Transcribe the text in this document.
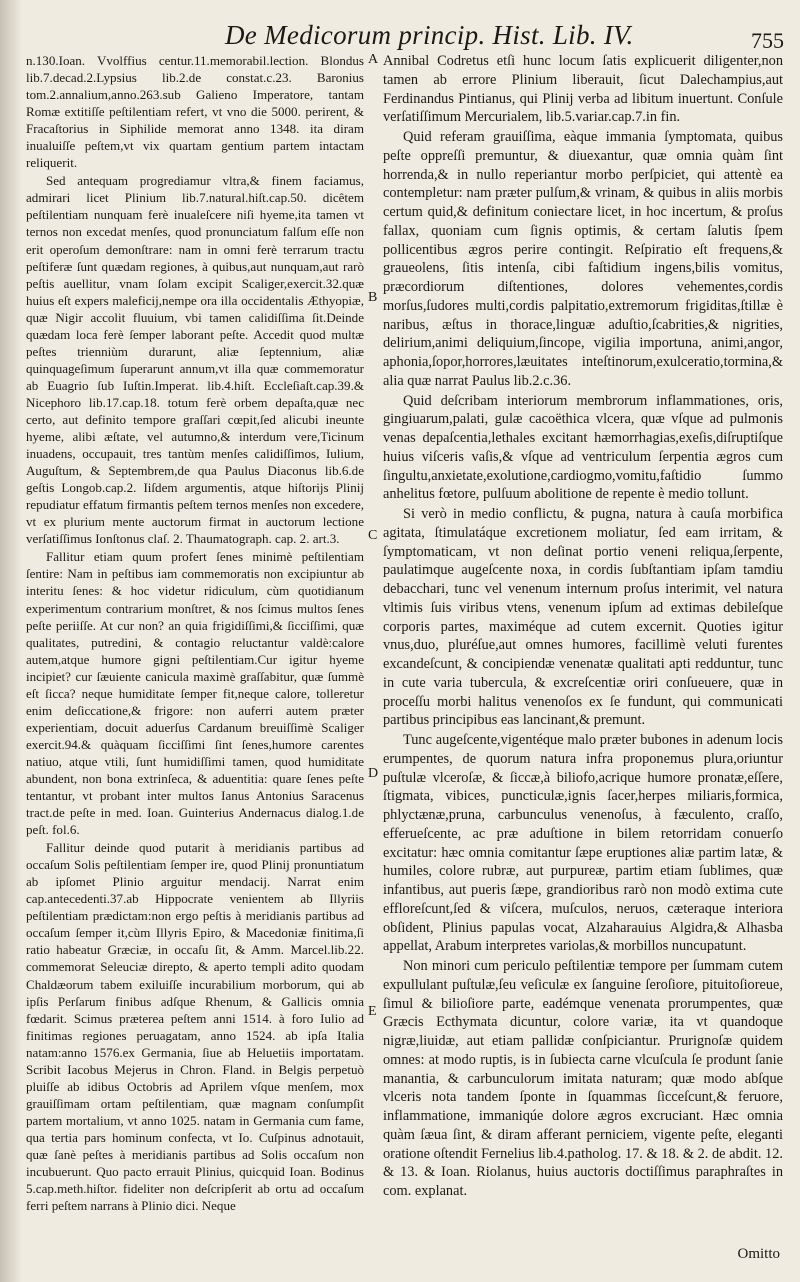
De Medicorum princip. Hist. Lib. IV.	755

n.130.Ioan. Vvolffius centur.11.memorabil.lection. Blondus lib.7.decad.2.Lypsius lib.2.de constat.c.23. Baronius tom.2.annalium,anno.263.sub Galieno Imperatore, tantam Romæ extitiſſe peſtilentiam refert, vt vno die 5000. perirent, & Fracaſtorius in Siphilide memorat anno 1348. ita diram inualuiſſe peſtem,vt vix quartam gentium partem intactam reliquerit.

Sed antequam progrediamur vltra,& finem faciamus, admirari licet Plinium lib.7.natural.hiſt.cap.50. dicêtem peſtilentiam nunquam ferè inualeſcere niſi hyeme,ita tamen vt ternos non excedat menſes, quod pronunciatum falſum eſſe non erit operoſum demonſtrare: nam in omni ferè terrarum tractu peſtiferæ ſunt quædam regiones, à quibus,aut nunquam,aut rarò peſtis auellitur, vnam ſolam excipit Scaliger,exercit.32.quæ huius eſt expers maleficij,nempe ora illa occidentalis Æthyopiæ, quæ Nigir accolit fluuium, vbi tamen calidiſſima ſit.Deinde quædam loca ferè ſemper laborant peſte. Accedit quod multæ peſtes trienniùm durarunt, aliæ ſeptennium, aliæ quinquageſimum ſuperarunt annum,vt illa quæ commemoratur ab Euagrio ſub Iuſtin.Imperat. lib.4.hiſt. Eccleſiaſt.cap.39.& Nicephoro lib.17.cap.18. totum ferè orbem depaſta,quæ nec certo, aut definito tempore graſſari cœpit,ſed alicubi ineunte hyeme, alibi æſtate, vel autumno,& interdum vere,Ticinum inuadens, occupauit, tres tantùm menſes calidiſſimos, Iulium, Auguſtum, & Septembrem,de qua Paulus Diaconus lib.6.de geſtis Longob.cap.2. Iiſdem argumentis, atque hiſtorijs Plinij repudiatur effatum firmantis peſtem ternos menſes non excedere, vt ex plurium mente auctorum firmat in auctorum lectione verſatiſſimus Ionſtonus claſ. 2. Thaumatograph. cap. 2. art.3.

Fallitur etiam quum profert ſenes minimè peſtilentiam ſentire: Nam in peſtibus iam commemoratis non excipiuntur ab interitu ſenes: & hoc videtur ridiculum, cùm quotidianum experimentum contrarium monſtret, & nos ſcimus multos ſenes peſte periiſſe. At cur non? an quia frigidiſſimi,& ſicciſſimi, quæ qualitates, putredini, & contagio reluctantur valdè:calore autem,atque humore gigni peſtilentiam.Cur igitur hyeme incipiet? cur ſæuiente canicula maximè graſſabitur, quæ ſummè eſt ſicca? neque humiditate ſemper fit,neque calore, tolleretur enim deſiccatione,& frigore: non auferri autem præter experientiam, docuit aduerſus Cardanum breuiſſimè Scaliger exercit.94.& quàquam ſicciſſimi ſint ſenes,humore carentes natiuo, atque vtili, ſunt humidiſſimi tamen, quod humiditate abundent, non bona extrinſeca, & aduentitia: quare ſenes peſte tentantur, vt probant inter multos Ianus Antonius Saracenus tract.de peſte in med. Ioan. Guinterius Andernacus dialog.1.de peſt. fol.6.

Fallitur deinde quod putarit à meridianis partibus ad occaſum Solis peſtilentiam ſemper ire, quod Plinij pronuntiatum ab ipſomet Plinio arguitur mendacij. Narrat enim cap.antecedenti.37.ab Hippocrate venientem ab Illyriis peſtilentiam prædictam:non ergo peſtis à meridianis partibus ad occaſum ſemper it,cùm Illyris Epiro, & Macedoniæ finitima,ſi ratio habeatur Græciæ, in occaſu ſit, & Amm. Marcel.lib.22. commemorat Seleuciæ direpto, & aperto templi adito quodam Chaldæorum tabem exiluiſſe incurabilium morborum, qui ab ipſis Perſarum finibus adſque Rhenum, & Gallicis omnia fœdarit. Scimus præterea peſtem anni 1514. à foro Iulio ad finitimas regiones peruagatam, anno 1524. ab ipſa Italia natam:anno 1576.ex Germania, ſiue ab Heluetiis importatam. Scribit Iacobus Mejerus in Chron. Fland. in Belgis perpetuò pluiſſe ab idibus Octobris ad Aprilem vſque menſem, mox grauiſſimam ortam peſtilentiam, quæ magnam conſumpſit partem mortalium, vt anno 1025. natam in Germania cum fame, qua tertia pars hominum confecta, vt Io. Cuſpinus adnotauit, quæ ſanè peſtes à meridianis partibus ad Solis occaſum non incubuerunt. Quo pacto errauit Plinius, quicquid Ioan. Bodinus 5.cap.meth.hiſtor. fideliter non deſcripſerit ab ortu ad occaſum ferri peſtem narrans à Plinio dici. Neque

A
B
C
D
E

Annibal Codretus etſi hunc locum ſatis explicuerit diligenter,non tamen ab errore Plinium liberauit, ſicut Dalechampius,aut Ferdinandus Pintianus, qui Plinij verba ad libitum inuertunt. Conſule verſatiſſimum Mercurialem, lib.5.variar.cap.7.in fin.

Quid referam grauiſſima, eàque immania ſymptomata, quibus peſte oppreſſi premuntur, & diuexantur, quæ omnia quàm ſint horrenda,& in nullo reperiantur morbo perſpiciet, qui attentè ea contempletur: nam præter pulſum,& vrinam, & quibus in aliis morbis certum quid,& definitum coniectare licet, in hoc incertum, & proſus fallax, quoniam cum ſignis optimis, & certam ſalutis ſpem pollicentibus ægros perire contingit. Reſpiratio eſt frequens,& graueolens, ſitis intenſa, cibi faſtidium ingens,bilis vomitus, præcordiorum diſtentiones, dolores vehementes,cordis morſus,ſudores multi,cordis palpitatio,extremorum frigiditas,ſtillæ è naribus, æſtus in thorace,linguæ aduſtio,ſcabrities,& nigrities, delirium,animi deliquium,ſincope, vigilia importuna, animi,angor, aphonia,ſopor,horrores,læuitates inteſtinorum,exulceratio,tormina,& alia quæ narrat Paulus lib.2.c.36.

Quid deſcribam interiorum membrorum inflammationes, oris, gingiuarum,palati, gulæ cacoëthica vlcera, quæ vſque ad pulmonis venas depaſcentia,lethales excitant hæmorrhagias,exeſis,diſruptiſque huius viſceris vaſis,& vſque ad ventriculum ſerpentia ægros cum ſingultu,anxietate,exolutione,cardiogmo,vomitu,faſtidio ſummo anhelitus fœtore, pulſuum abolitione de repente è medio tollunt.

Si verò in medio conflictu, & pugna, natura à cauſa morbifica agitata, ſtimulatáque excretionem moliatur, ſed eam irritam, & ſymptomaticam, vt non deſinat portio veneni reliqua,ſerpente, paulatimque augeſcente noxa, in cordis ſubſtantiam ipſam tamdiu debacchari, tunc vel venenum internum proſus interimit, vel natura vltimis ſuis viribus vtens, venenum ipſum ad extimas debileſque corporis partes, maximéque ad cutem excernit. Quoties igitur vnus,duo, pluréſue,aut omnes humores, facillimè veluti furentes excandeſcunt, & concipiendæ venenatæ qualitati apti redduntur, tunc in cute varia tubercula, & excreſcentiæ oriri conſueuere, quæ in proceſſu morbi halitus venenoſos ex ſe fundunt, qui communicati partibus principibus eas lancinant,& premunt.

Tunc augeſcente,vigentéque malo præter bubones in adenum locis erumpentes, de quorum natura infra proponemus plura,oriuntur puſtulæ vlceroſæ, & ſiccæ,à biliofo,acrique humore pronatæ,eſſere, ſtigmata, vibices, puncticulæ,ignis ſacer,herpes miliaris,formica, phlyctænæ,pruna, carbunculus venenoſus, à fæculento, craſſo, efferueſcente, ac præ aduſtione in bilem retorridam conuerſo excitatur: hæc omnia comitantur ſæpe eruptiones aliæ partim latæ, & humiles, colore rubræ, aut purpureæ, partim etiam ſublimes, quæ infantibus, aut pueris ſæpe, grandioribus rarò non modò extima cute effloreſcunt,ſed & viſcera, muſculos, neruos, cæteraque interiora obſident, Plinius papulas vocat, Alzaharauius Algidra,& Alhasba appellat, Arabum interpretes variolas,& morbillos nuncupatunt.

Non minori cum periculo peſtilentiæ tempore per ſummam cutem expullulant puſtulæ,ſeu veſiculæ ex ſanguine ſeroſiore, pituitoſioreue, ſimul & bilioſiore parte, eadémque venenata prorumpentes, quæ Græcis Ecthymata dicuntur, colore variæ, ita vt quandoque nigræ,liuidæ, aut etiam pallidæ conſpiciantur. Prurignoſæ quidem omnes: at modo ruptis, is in ſubiecta carne vlcuſcula ſe produnt ſanie manantia, & carbunculorum imitata naturam; quæ modo abſque vlceris nota tandem ſponte in ſquammas ſicceſcunt,& feruore, inflammatione, immaniqúe dolore ægros excruciant. Hæc omnia quàm ſæua ſint, & diram afferant perniciem, vigente peſte, eleganti oratione oſtendit Fernelius lib.4.patholog. 17. & 18. & 2. de abdit. 12. & 13. & Ioan. Riolanus, huius auctoris doctiſſimus paraphraſtes in com. explanat.

Omitto
